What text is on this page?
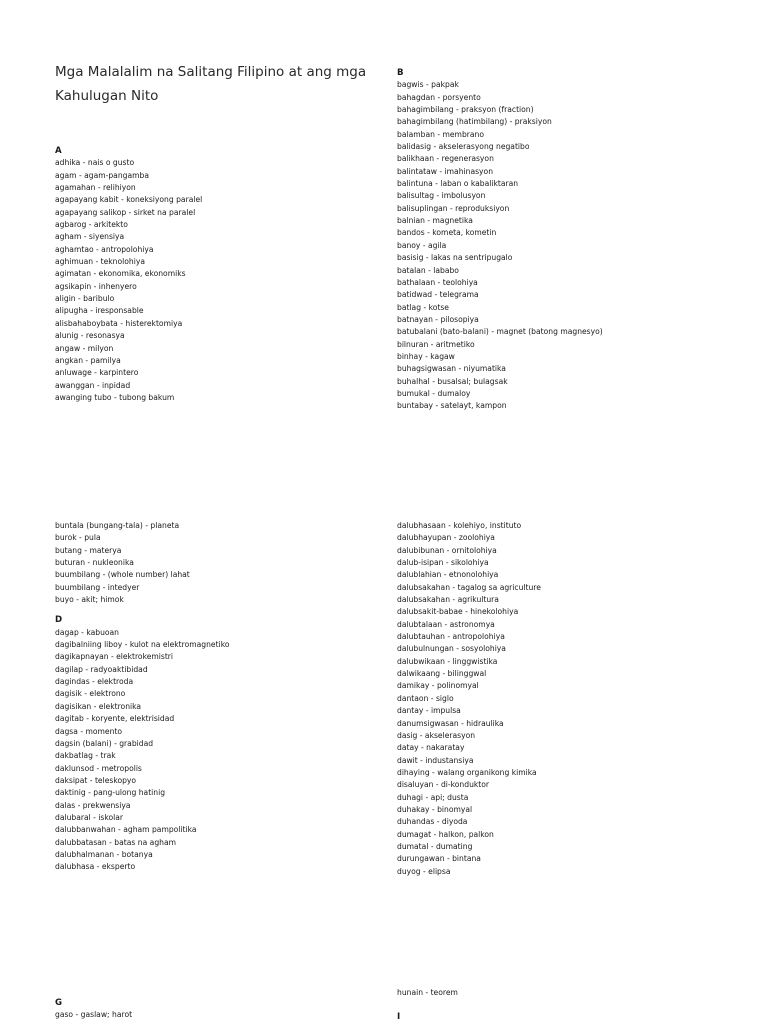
Mga Malalalim na Salitang Filipino at ang mga Kahulugan Nito
A
adhika - nais o gusto
agam - agam-pangamba
agamahan - relihiyon
agapayang kabit - koneksiyong paralel
agapayang salikop - sirket na paralel
agbarog - arkitekto
agham - siyensiya
aghamtao - antropolohiya
aghimuan - teknolohiya
agimatan - ekonomika, ekonomiks
agsikapin - inhenyero
aligin - baribulo
alipugha - iresponsable
alisbahaboybata - histerektomiya
alunig - resonasya
angaw - milyon
angkan - pamilya
anluwage - karpintero
awanggan - inpidad
awanging tubo - tubong bakum
B
bagwis - pakpak
bahagdan - porsyento
bahagimbilang - praksyon (fraction)
bahagimbilang (hatimbilang) - praksiyon
balamban - membrano
balidasig - akselerasyong negatibo
balikhaan - regenerasyon
balintataw - imahinasyon
balintuna - laban o kabaliktaran
balisultag - imbolusyon
balisuplingan - reproduksiyon
balnian - magnetika
bandos - kometa, kometin
banoy - agila
basisig - lakas na sentripugalo
batalan - lababo
bathalaan - teolohiya
batidwad - telegrama
batlag - kotse
batnayan - pilosopiya
batubalani (bato-balani) - magnet (batong magnesyo)
bilnuran - aritmetiko
binhay - kagaw
buhagsigwasan - niyumatika
buhalhal - busalsal; bulagsak
bumukal - dumaloy
buntabay - satelayt, kampon
buntala (bungang-tala) - planeta
burok - pula
butang - materya
buturan - nukleonika
buumbilang - (whole number) lahat
buumbilang - intedyer
buyo - akit; himok
D
dagap - kabuoan
dagibalniing liboy - kulot na elektromagnetiko
dagikapnayan - elektrokemistri
dagilap - radyoaktibidad
dagindas - elektroda
dagisik - elektrono
dagisikan - elektronika
dagitab - koryente, elektrisidad
dagsa - momento
dagsin (balani) - grabidad
dakbatlag - trak
daklunsod - metropolis
daksipat - teleskopyo
daktinig - pang-ulong hatinig
dalas - prekwensiya
dalubaral - iskolar
dalubbanwahan - agham pampolitika
dalubbatasan - batas na agham
dalubhalmanan - botanya
dalubhasa - eksperto
dalubhasaan - kolehiyo, instituto
dalubhayupan - zoolohiya
dalubibunan - ornitolohiya
dalub-isipan - sikolohiya
dalublahian - etnonolohiya
dalubsakahan - tagalog sa agriculture
dalubsakahan - agrikultura
dalubsakit-babae - hinekolohiya
dalubtalaan - astronomya
dalubtauhan - antropolohiya
dalubulnungan - sosyolohiya
dalubwikaan - linggwistika
dalwikaang - bilinggwal
damikay - polinomyal
dantaon - siglo
dantay - impulsa
danumsigwasan - hidraulika
dasig - akselerasyon
datay - nakaratay
dawit - industansiya
dihaying - walang organikong kimika
disaluyan - di-konduktor
duhagi - api; dusta
duhakay - binomyal
duhandas - diyoda
dumagat - halkon, palkon
dumatal - dumating
durungawan - bintana
duyog - elipsa
G
gaso - gaslaw; harot
hunain - teorem
I
